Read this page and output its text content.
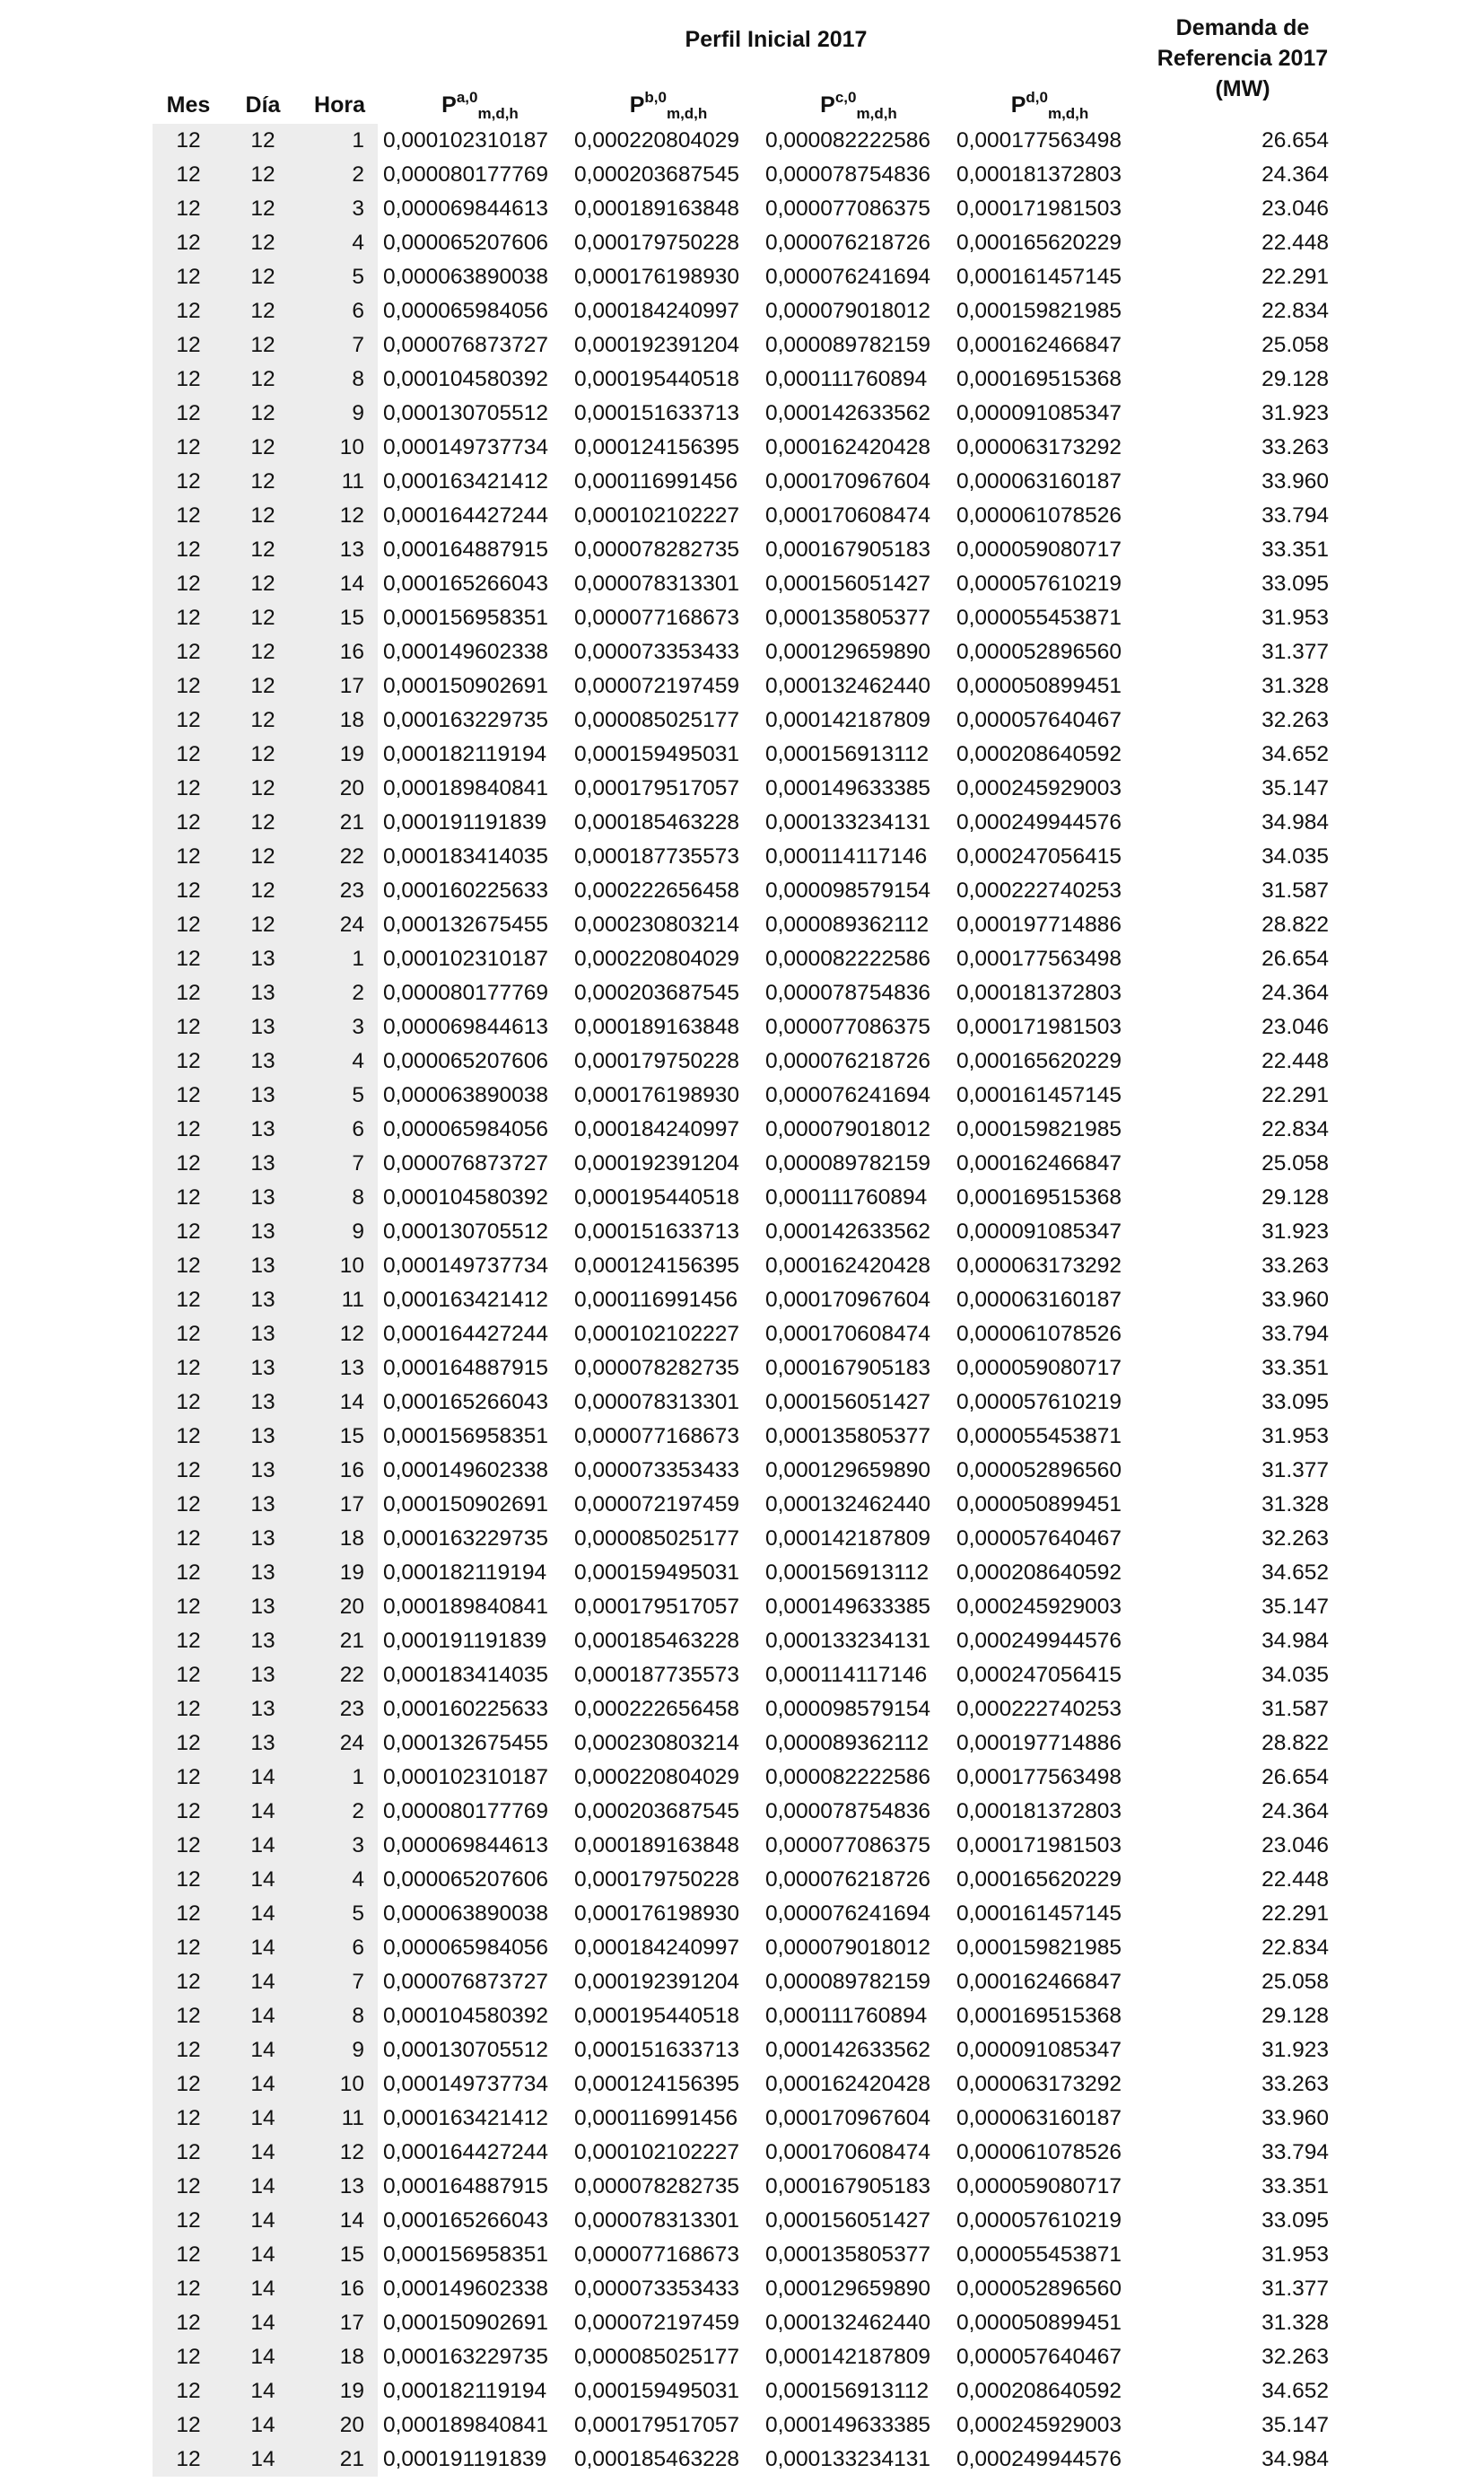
Perfil Inicial 2017
Mes	Día	Hora	P$^{a,0}_{m,d,h}$	P$^{b,0}_{m,d,h}$	P$^{c,0}_{m,d,h}$	P$^{d,0}_{m,d,h}$
Demanda de
Referencia 2017
(MW)
12	12	1 0,000102310187	0,000220804029	0,000082222586	0,000177563498	26.654
12	12	2 0,000080177769	0,000203687545	0,000078754836	0,000181372803	24.364
12	12	3 0,000069844613	0,000189163848	0,000077086375	0,000171981503	23.046
12	12	4 0,000065207606	0,000179750228	0,000076218726	0,000165620229	22.448
12	12	5 0,000063890038	0,000176198930	0,000076241694	0,000161457145	22.291
12	12	6 0,000065984056	0,000184240997	0,000079018012	0,000159821985	22.834
12	12	7 0,000076873727	0,000192391204	0,000089782159	0,000162466847	25.058
12	12	8 0,000104580392	0,000195440518	0,000111760894	0,000169515368	29.128
12	12	9 0,000130705512	0,000151633713	0,000142633562	0,000091085347	31.923
12	12	10 0,000149737734	0,000124156395	0,000162420428	0,000063173292	33.263
12	12	11 0,000163421412	0,000116991456	0,000170967604	0,000063160187	33.960
12	12	12 0,000164427244	0,000102102227	0,000170608474	0,000061078526	33.794
12	12	13 0,000164887915	0,000078282735	0,000167905183	0,000059080717	33.351
12	12	14 0,000165266043	0,000078313301	0,000156051427	0,000057610219	33.095
12	12	15 0,000156958351	0,000077168673	0,000135805377	0,000055453871	31.953
12	12	16 0,000149602338	0,000073353433	0,000129659890	0,000052896560	31.377
12	12	17 0,000150902691	0,000072197459	0,000132462440	0,000050899451	31.328
12	12	18 0,000163229735	0,000085025177	0,000142187809	0,000057640467	32.263
12	12	19 0,000182119194	0,000159495031	0,000156913112	0,000208640592	34.652
12	12	20 0,000189840841	0,000179517057	0,000149633385	0,000245929003	35.147
12	12	21 0,000191191839	0,000185463228	0,000133234131	0,000249944576	34.984
12	12	22 0,000183414035	0,000187735573	0,000114117146	0,000247056415	34.035
12	12	23 0,000160225633	0,000222656458	0,000098579154	0,000222740253	31.587
12	12	24 0,000132675455	0,000230803214	0,000089362112	0,000197714886	28.822
12	13	1 0,000102310187	0,000220804029	0,000082222586	0,000177563498	26.654
12	13	2 0,000080177769	0,000203687545	0,000078754836	0,000181372803	24.364
12	13	3 0,000069844613	0,000189163848	0,000077086375	0,000171981503	23.046
12	13	4 0,000065207606	0,000179750228	0,000076218726	0,000165620229	22.448
12	13	5 0,000063890038	0,000176198930	0,000076241694	0,000161457145	22.291
12	13	6 0,000065984056	0,000184240997	0,000079018012	0,000159821985	22.834
12	13	7 0,000076873727	0,000192391204	0,000089782159	0,000162466847	25.058
12	13	8 0,000104580392	0,000195440518	0,000111760894	0,000169515368	29.128
12	13	9 0,000130705512	0,000151633713	0,000142633562	0,000091085347	31.923
12	13	10 0,000149737734	0,000124156395	0,000162420428	0,000063173292	33.263
12	13	11 0,000163421412	0,000116991456	0,000170967604	0,000063160187	33.960
12	13	12 0,000164427244	0,000102102227	0,000170608474	0,000061078526	33.794
12	13	13 0,000164887915	0,000078282735	0,000167905183	0,000059080717	33.351
12	13	14 0,000165266043	0,000078313301	0,000156051427	0,000057610219	33.095
12	13	15 0,000156958351	0,000077168673	0,000135805377	0,000055453871	31.953
12	13	16 0,000149602338	0,000073353433	0,000129659890	0,000052896560	31.377
12	13	17 0,000150902691	0,000072197459	0,000132462440	0,000050899451	31.328
12	13	18 0,000163229735	0,000085025177	0,000142187809	0,000057640467	32.263
12	13	19 0,000182119194	0,000159495031	0,000156913112	0,000208640592	34.652
12	13	20 0,000189840841	0,000179517057	0,000149633385	0,000245929003	35.147
12	13	21 0,000191191839	0,000185463228	0,000133234131	0,000249944576	34.984
12	13	22 0,000183414035	0,000187735573	0,000114117146	0,000247056415	34.035
12	13	23 0,000160225633	0,000222656458	0,000098579154	0,000222740253	31.587
12	13	24 0,000132675455	0,000230803214	0,000089362112	0,000197714886	28.822
12	14	1 0,000102310187	0,000220804029	0,000082222586	0,000177563498	26.654
12	14	2 0,000080177769	0,000203687545	0,000078754836	0,000181372803	24.364
12	14	3 0,000069844613	0,000189163848	0,000077086375	0,000171981503	23.046
12	14	4 0,000065207606	0,000179750228	0,000076218726	0,000165620229	22.448
12	14	5 0,000063890038	0,000176198930	0,000076241694	0,000161457145	22.291
12	14	6 0,000065984056	0,000184240997	0,000079018012	0,000159821985	22.834
12	14	7 0,000076873727	0,000192391204	0,000089782159	0,000162466847	25.058
12	14	8 0,000104580392	0,000195440518	0,000111760894	0,000169515368	29.128
12	14	9 0,000130705512	0,000151633713	0,000142633562	0,000091085347	31.923
12	14	10 0,000149737734	0,000124156395	0,000162420428	0,000063173292	33.263
12	14	11 0,000163421412	0,000116991456	0,000170967604	0,000063160187	33.960
12	14	12 0,000164427244	0,000102102227	0,000170608474	0,000061078526	33.794
12	14	13 0,000164887915	0,000078282735	0,000167905183	0,000059080717	33.351
12	14	14 0,000165266043	0,000078313301	0,000156051427	0,000057610219	33.095
12	14	15 0,000156958351	0,000077168673	0,000135805377	0,000055453871	31.953
12	14	16 0,000149602338	0,000073353433	0,000129659890	0,000052896560	31.377
12	14	17 0,000150902691	0,000072197459	0,000132462440	0,000050899451	31.328
12	14	18 0,000163229735	0,000085025177	0,000142187809	0,000057640467	32.263
12	14	19 0,000182119194	0,000159495031	0,000156913112	0,000208640592	34.652
12	14	20 0,000189840841	0,000179517057	0,000149633385	0,000245929003	35.147
12	14	21 0,000191191839	0,000185463228	0,000133234131	0,000249944576	34.984
